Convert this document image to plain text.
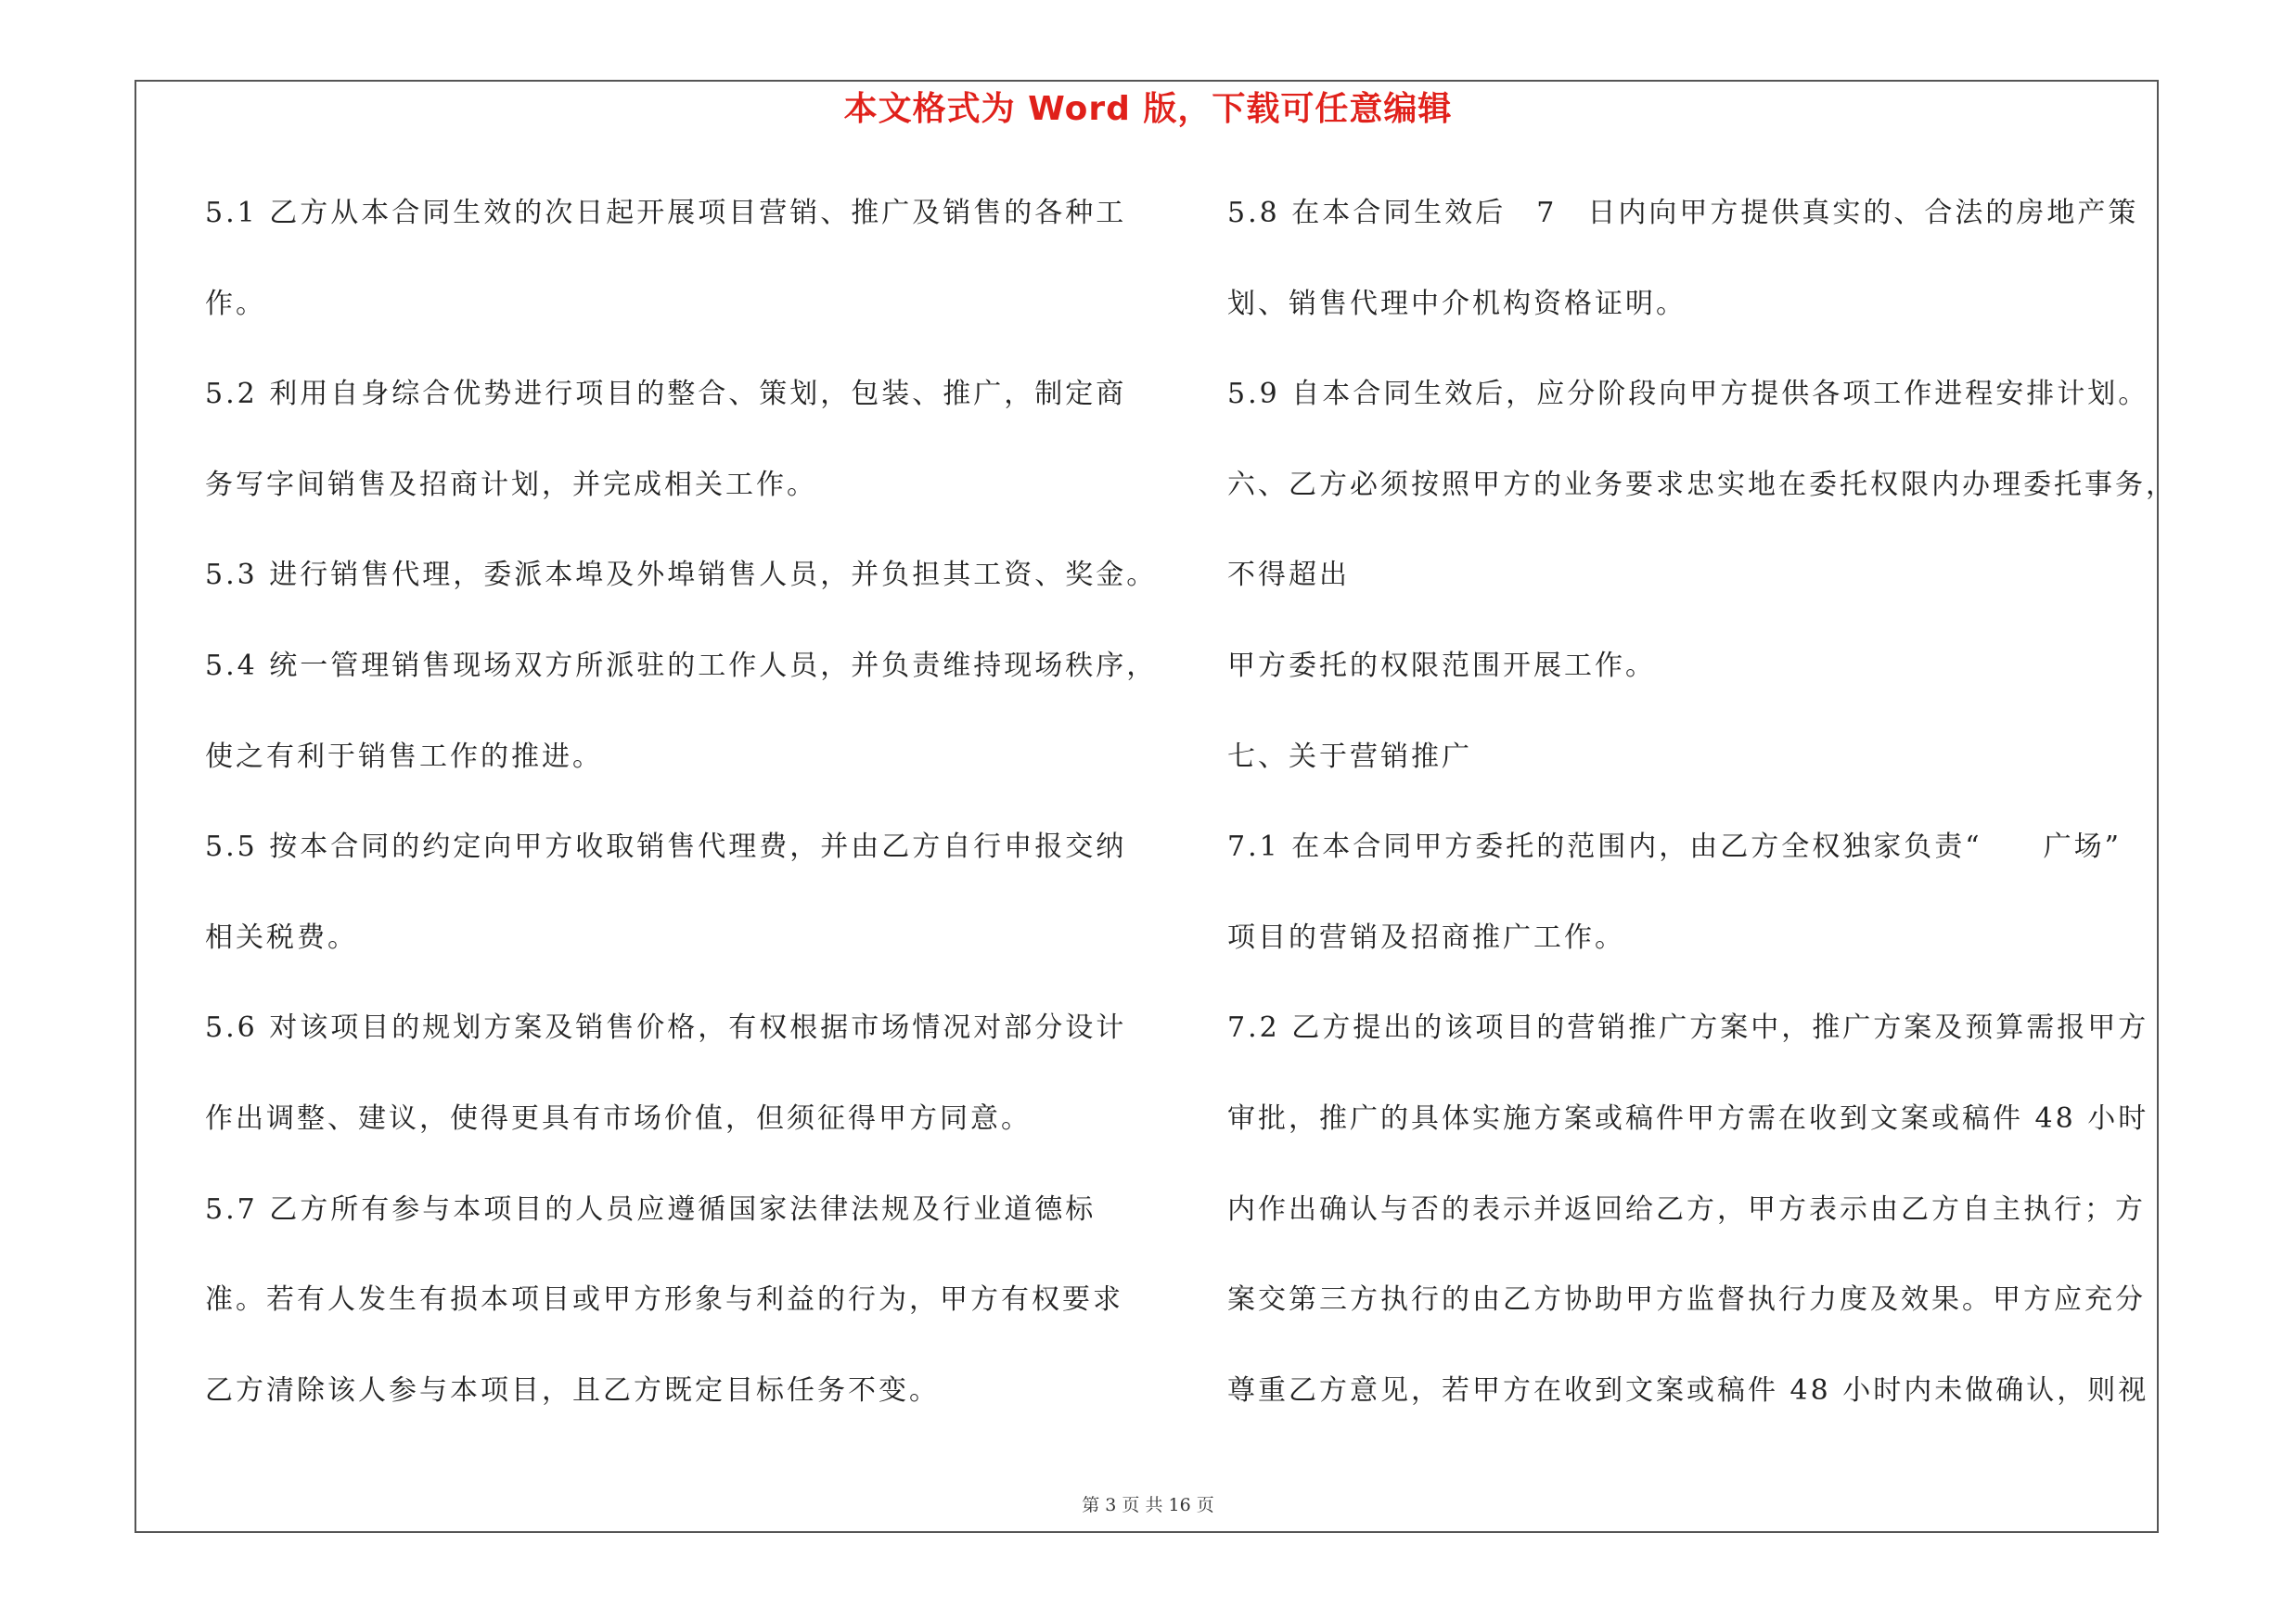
本文格式为 Word 版，下载可任意编辑
5.1 乙方从本合同生效的次日起开展项目营销、推广及销售的各种工
作。
5.2 利用自身综合优势进行项目的整合、策划，包装、推广，制定商
务写字间销售及招商计划，并完成相关工作。
5.3 进行销售代理，委派本埠及外埠销售人员，并负担其工资、奖金。
5.4 统一管理销售现场双方所派驻的工作人员，并负责维持现场秩序，
使之有利于销售工作的推进。
5.5 按本合同的约定向甲方收取销售代理费，并由乙方自行申报交纳
相关税费。
5.6 对该项目的规划方案及销售价格，有权根据市场情况对部分设计
作出调整、建议，使得更具有市场价值，但须征得甲方同意。
5.7 乙方所有参与本项目的人员应遵循国家法律法规及行业道德标
准。若有人发生有损本项目或甲方形象与利益的行为，甲方有权要求
乙方清除该人参与本项目，且乙方既定目标任务不变。
5.8 在本合同生效后　7　日内向甲方提供真实的、合法的房地产策
划、销售代理中介机构资格证明。
5.9 自本合同生效后，应分阶段向甲方提供各项工作进程安排计划。
六、乙方必须按照甲方的业务要求忠实地在委托权限内办理委托事务，
不得超出
甲方委托的权限范围开展工作。
七、关于营销推广
7.1 在本合同甲方委托的范围内，由乙方全权独家负责“　　广场”
项目的营销及招商推广工作。
7.2 乙方提出的该项目的营销推广方案中，推广方案及预算需报甲方
审批，推广的具体实施方案或稿件甲方需在收到文案或稿件 48 小时
内作出确认与否的表示并返回给乙方，甲方表示由乙方自主执行；方
案交第三方执行的由乙方协助甲方监督执行力度及效果。甲方应充分
尊重乙方意见，若甲方在收到文案或稿件 48 小时内未做确认，则视
第 3 页 共 16 页
